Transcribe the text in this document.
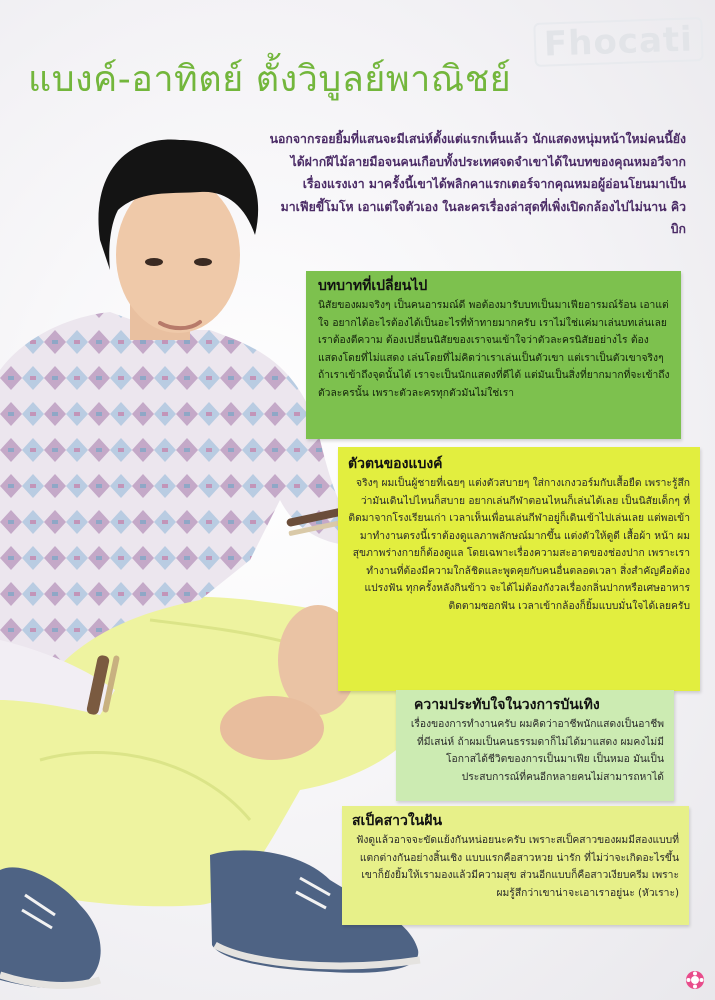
Fhocati
แบงค์-อาทิตย์ ตั้งวิบูลย์พาณิชย์

นอกจากรอยยิ้มที่แสนจะมีเสน่ห์ตั้งแต่แรกเห็นแล้ว นักแสดงหนุ่มหน้าใหม่คนนี้ยังได้ฝากฝีไม้ลายมือจนคนเกือบทั้งประเทศจดจำเขาได้ในบทของคุณหมอวีจากเรื่องแรงเงา มาครั้งนี้เขาได้พลิกคาแรกเตอร์จากคุณหมอผู้อ่อนโยนมาเป็นมาเฟียขี้โมโห เอาแต่ใจตัวเอง ในละครเรื่องล่าสุดที่เพิ่งเปิดกล้องไปไม่นาน คิวบิก

บทบาทที่เปลี่ยนไป

นิสัยของผมจริงๆ เป็นคนอารมณ์ดี พอต้องมารับบทเป็นมาเฟียอารมณ์ร้อน เอาแต่ใจ อยากได้อะไรต้องได้เป็นอะไรที่ท้าทายมากครับ เราไม่ใช่แค่มาเล่นบทเล่นเลย เราต้องตีความ ต้องเปลี่ยนนิสัยของเราจนเข้าใจว่าตัวละครนิสัยอย่างไร ต้องแสดงโดยที่ไม่แสดง เล่นโดยที่ไม่คิดว่าเราเล่นเป็นตัวเขา แต่เราเป็นตัวเขาจริงๆ ถ้าเราเข้าถึงจุดนั้นได้ เราจะเป็นนักแสดงที่ดีได้ แต่มันเป็นสิ่งที่ยากมากที่จะเข้าถึงตัวละครนั้น เพราะตัวละครทุกตัวมันไม่ใช่เรา

ตัวตนของแบงค์

จริงๆ ผมเป็นผู้ชายที่เฉยๆ แต่งตัวสบายๆ ใส่กางเกงวอร์มกับเสื้อยืด เพราะรู้สึกว่ามันเดินไปไหนก็สบาย อยากเล่นกีฬาตอนไหนก็เล่นได้เลย เป็นนิสัยเด็กๆ ที่ติดมาจากโรงเรียนเก่า เวลาเห็นเพื่อนเล่นกีฬาอยู่ก็เดินเข้าไปเล่นเลย แต่พอเข้ามาทำงานตรงนี้เราต้องดูแลภาพลักษณ์มากขึ้น แต่งตัวให้ดูดี เสื้อผ้า หน้า ผม สุขภาพร่างกายก็ต้องดูแล โดยเฉพาะเรื่องความสะอาดของช่องปาก เพราะเราทำงานที่ต้องมีความใกล้ชิดและพูดคุยกับคนอื่นตลอดเวลา สิ่งสำคัญคือต้องแปรงฟัน ทุกครั้งหลังกินข้าว จะได้ไม่ต้องกังวลเรื่องกลิ่นปากหรือเศษอาหารติดตามซอกฟัน เวลาเข้ากล้องก็ยิ้มแบบมั่นใจได้เลยครับ

ความประทับใจในวงการบันเทิง

เรื่องของการทำงานครับ ผมคิดว่าอาชีพนักแสดงเป็นอาชีพที่มีเสน่ห์ ถ้าผมเป็นคนธรรมดาก็ไม่ได้มาแสดง ผมคงไม่มีโอกาสได้ชีวิตของการเป็นมาเฟีย เป็นหมอ มันเป็นประสบการณ์ที่คนอีกหลายคนไม่สามารถหาได้

สเป็คสาวในฝัน

ฟังดูแล้วอาจจะขัดแย้งกันหน่อยนะครับ เพราะสเป็คสาวของผมมีสองแบบที่แตกต่างกันอย่างสิ้นเชิง แบบแรกคือสาวหวย น่ารัก ที่ไม่ว่าจะเกิดอะไรขึ้นเขาก็ยังยิ้มให้เรามองแล้วมีความสุข ส่วนอีกแบบก็คือสาวเงียบครีม เพราะผมรู้สึกว่าเขาน่าจะเอาเราอยู่นะ (หัวเราะ)
